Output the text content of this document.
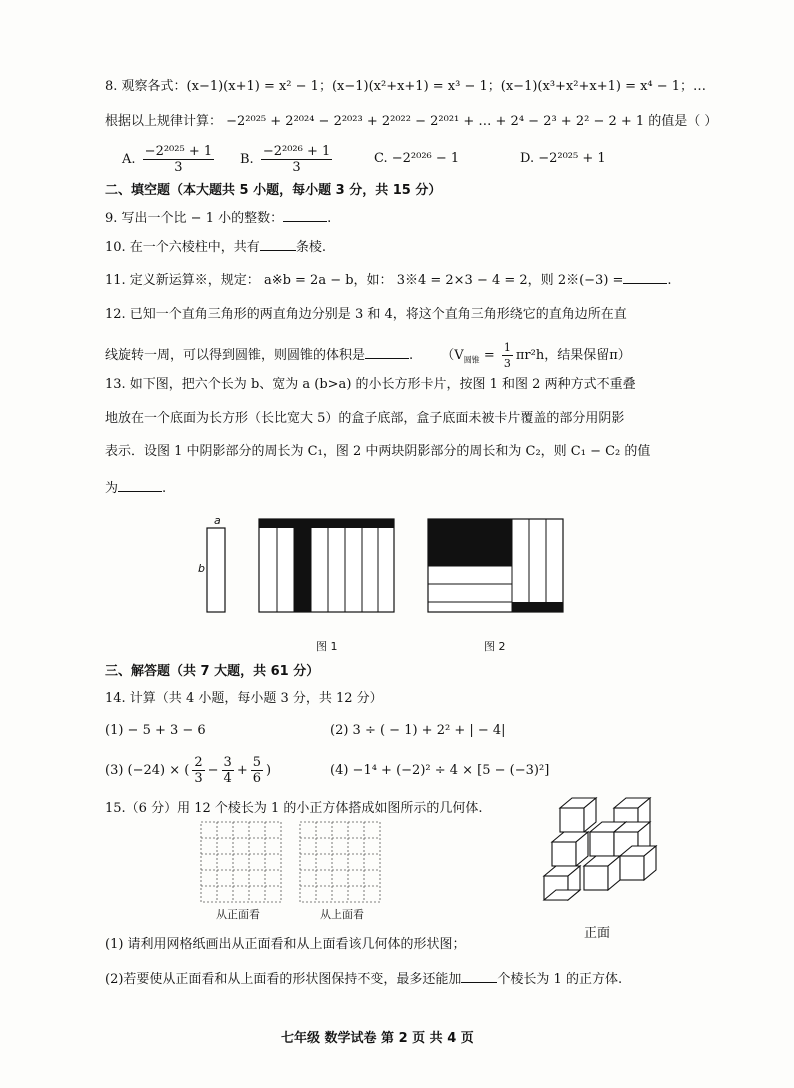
8. 观察各式：(x−1)(x+1) = x² − 1；(x−1)(x²+x+1) = x³ − 1；(x−1)(x³+x²+x+1) = x⁴ − 1；…
根据以上规律计算： −2²⁰²⁵ + 2²⁰²⁴ − 2²⁰²³ + 2²⁰²² − 2²⁰²¹ + … + 2⁴ − 2³ + 2² − 2 + 1 的值是（ ）
A. $\frac{\text{−2²⁰²⁵ + 1}}{3} B$. $\frac{\text{−2²⁰²⁶ + 1}}{3}$	C. −2²⁰²⁶ − 1	D. −2²⁰²⁵ + 1
二、填空题（本大题共 5 小题，每小题 3 分，共 15 分）
9. 写出一个比 − 1 小的整数：	.
10. 在一个六棱柱中，共有	条棱.
11. 定义新运算※，规定： a※b = 2a − b，如： 3※4 = 2×3 − 4 = 2，则 2※(−3) =	.
12. 已知一个直角三角形的两直角边分别是 3 和 4，将这个直角三角形绕它的直角边所在直
线旋转一周，可以得到圆锥，则圆锥的体积是	. （$V_{圆锥} = \frac{1}{3} \pi r^2h$，结果保留π）
13. 如下图，把六个长为 b、宽为 a (b>a) 的小长方形卡片，按图 1 和图 2 两种方式不重叠
地放在一个底面为长方形（长比宽大 5）的盒子底部，盒子底面未被卡片覆盖的部分用阴影
表示．设图 1 中阴影部分的周长为 C₁，图 2 中两块阴影部分的周长和为 C₂，则 C₁ − C₂ 的值
为	.
a
b
图 1	图 2
三、解答题（共 7 大题，共 61 分）
14. 计算（共 4 小题，每小题 3 分，共 12 分）
(1) − 5 + 3 − 6	(2) 3 ÷ ( − 1) + 2² + | − 4|
(3) (−24) × ( $\frac{2}{3} - \frac{3}{4} + \frac{5}{6}$ )	(4) −1⁴ + (−2)² ÷ 4 × [5 − (−3)²]
15.（6 分）用 12 个棱长为 1 的小正方体搭成如图所示的几何体.
从正面看	从上面看
正面
(1) 请利用网格纸画出从正面看和从上面看该几何体的形状图；
(2)若要使从正面看和从上面看的形状图保持不变，最多还能加	个棱长为 1 的正方体.
七年级 数学试卷 第 2 页 共 4 页
